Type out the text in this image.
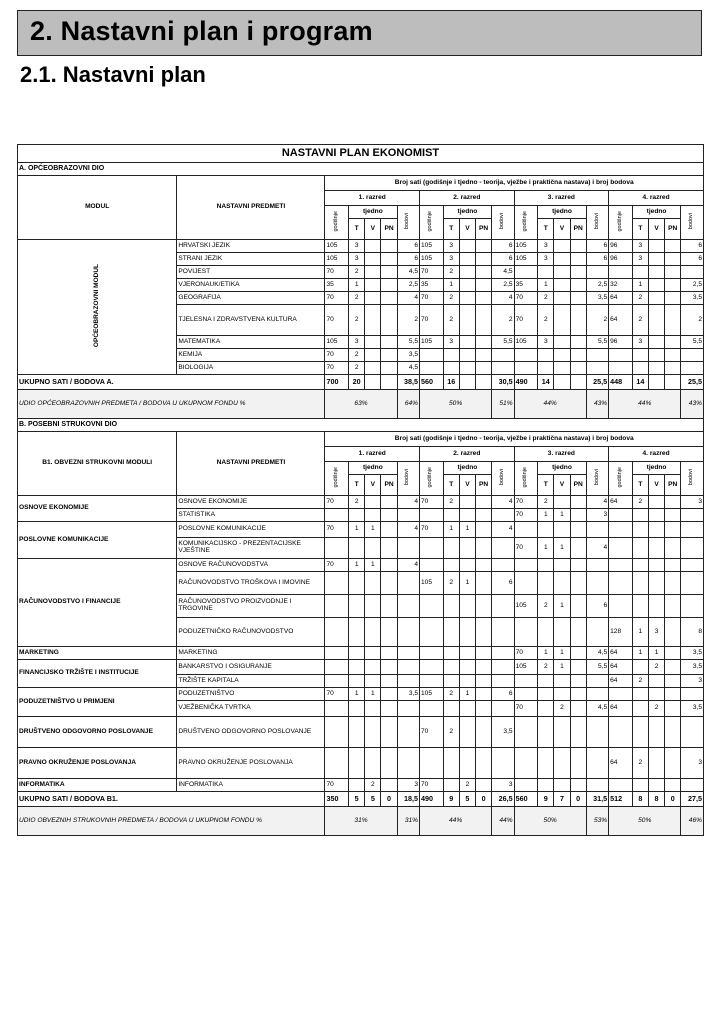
2. Nastavni plan i program
2.1. Nastavni plan
NASTAVNI PLAN EKONOMIST																					
A. OPĆEOBRAZOVNI DIO																					
MODUL	NASTAVNI PREDMETI	Broj sati (godišnje i tjedno - teorija, vježbe i praktična nastava) i broj bodova																			
		1. razred					2. razred					3. razred					4. razred				
		godišnje	tjedno			bodovi	godišnje	tjedno			bodovi	godišnje	tjedno			bodovi	godišnje	tjedno			bodovi
			T	V	PN			T	V	PN			T	V	PN			T	V	PN	
OPĆEOBRAZOVNI MODUL	HRVATSKI JEZIK	105	3			6	105	3			6	105	3			6	96	3			6
	STRANI JEZIK	105	3			6	105	3			6	105	3			6	96	3			6
	POVIJEST	70	2			4,5	70	2			4,5										
	VJERONAUK/ETIKA	35	1			2,5	35	1			2,5	35	1			2,5	32	1			2,5
	GEOGRAFIJA	70	2			4	70	2			4	70	2			3,5	64	2			3,5
	TJELESNA I ZDRAVSTVENA KULTURA	70	2			2	70	2			2	70	2			2	64	2			2
	MATEMATIKA	105	3			5,5	105	3			5,5	105	3			5,5	96	3			5,5
	KEMIJA	70	2			3,5															
	BIOLOGIJA	70	2			4,5															
UKUPNO SATI / BODOVA A.		700	20			38,5	560	16			30,5	490	14			25,5	448	14			25,5
UDIO OPĆEOBRAZOVNIH PREDMETA / BODOVA U UKUPNOM FONDU %		63%				64%	50%				51%	44%				43%	44%				43%
B. POSEBNI STRUKOVNI DIO																					
B1. OBVEZNI STRUKOVNI MODULI	NASTAVNI PREDMETI	Broj sati (godišnje i tjedno - teorija, vježbe i praktična nastava) i broj bodova																			
		1. razred					2. razred					3. razred					4. razred				
		godišnje	tjedno			bodovi	godišnje	tjedno			bodovi	godišnje	tjedno			bodovi	godišnje	tjedno			bodovi
			T	V	PN			T	V	PN			T	V	PN			T	V	PN	
OSNOVE EKONOMIJE	OSNOVE EKONOMIJE	70	2			4	70	2			4	70	2			4	64	2			3
	STATISTIKA											70	1	1		3					
POSLOVNE KOMUNIKACIJE	POSLOVNE KOMUNIKACIJE	70	1	1		4	70	1	1		4										
	KOMUNIKACIJSKO - PREZENTACIJSKE VJEŠTINE											70	1	1		4					
RAČUNOVODSTVO I FINANCIJE	OSNOVE RAČUNOVODSTVA	70	1	1		4															
	RAČUNOVODSTVO TROŠKOVA I IMOVINE						105	2	1		6										
	RAČUNOVODSTVO PROIZVODNJE I TRGOVINE											105	2	1		6					
	PODUZETNIČKO RAČUNOVODSTVO																128	1	3		8
MARKETING	MARKETING											70	1	1		4,5	64	1	1		3,5
FINANCIJSKO TRŽIŠTE I INSTITUCIJE	BANKARSTVO I OSIGURANJE											105	2	1		5,5	64		2		3,5
	TRŽIŠTE KAPITALA																64	2			3
PODUZETNIŠTVO U PRIMJENI	PODUZETNIŠTVO	70	1	1		3,5	105	2	1		6										
	VJEŽBENIČKA TVRTKA											70		2		4,5	64		2		3,5
DRUŠTVENO ODGOVORNO POSLOVANJE	DRUŠTVENO ODGOVORNO POSLOVANJE						70	2			3,5										
PRAVNO OKRUŽENJE POSLOVANJA	PRAVNO OKRUŽENJE POSLOVANJA																64	2			3
INFORMATIKA	INFORMATIKA	70		2		3	70		2		3										
UKUPNO SATI / BODOVA B1.		350	5	5	0	18,5	490	9	5	0	26,5	560	9	7	0	31,5	512	8	8	0	27,5
UDIO OBVEZNIH STRUKOVNIH PREDMETA / BODOVA U UKUPNOM FONDU %		31%				31%	44%				44%	50%				53%	50%				46%
